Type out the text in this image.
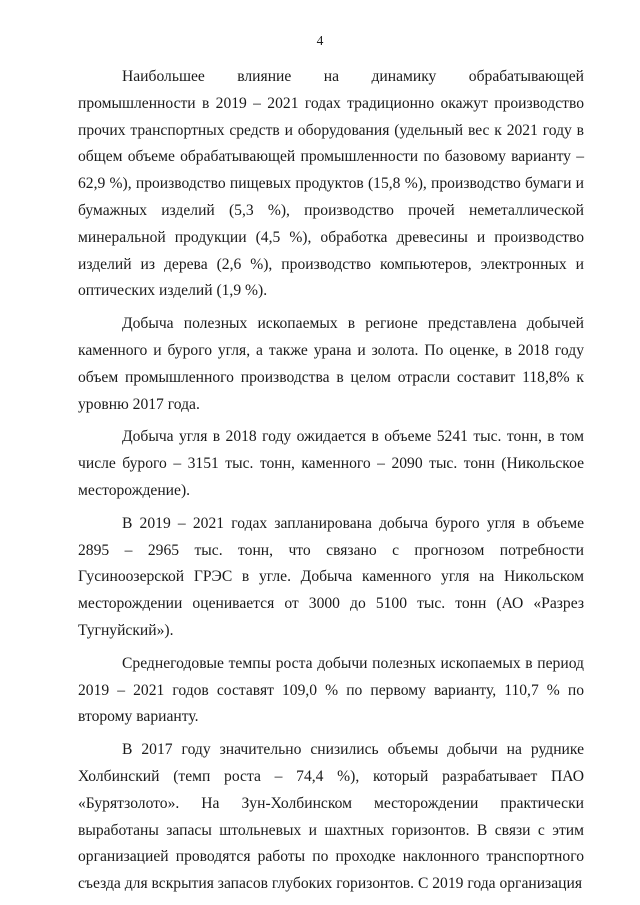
4

Наибольшее влияние на динамику обрабатывающей промышленности в 2019 – 2021 годах традиционно окажут производство прочих транспортных средств и оборудования (удельный вес к 2021 году в общем объеме обрабатывающей промышленности по базовому варианту – 62,9 %), производство пищевых продуктов (15,8 %), производство бумаги и бумажных изделий (5,3 %), производство прочей неметаллической минеральной продукции (4,5 %), обработка древесины и производство изделий из дерева (2,6 %), производство компьютеров, электронных и оптических изделий (1,9 %).

Добыча полезных ископаемых в регионе представлена добычей каменного и бурого угля, а также урана и золота. По оценке, в 2018 году объем промышленного производства в целом отрасли составит 118,8% к уровню 2017 года.

Добыча угля в 2018 году ожидается в объеме 5241 тыс. тонн, в том числе бурого – 3151 тыс. тонн, каменного – 2090 тыс. тонн (Никольское месторождение).

В 2019 – 2021 годах запланирована добыча бурого угля в объеме 2895 – 2965 тыс. тонн, что связано с прогнозом потребности Гусиноозерской ГРЭС в угле. Добыча каменного угля на Никольском месторождении оценивается от 3000 до 5100 тыс. тонн (АО «Разрез Тугнуйский»).

Среднегодовые темпы роста добычи полезных ископаемых в период 2019 – 2021 годов составят 109,0 % по первому варианту, 110,7 % по второму варианту.

В 2017 году значительно снизились объемы добычи на руднике Холбинский (темп роста – 74,4 %), который разрабатывает ПАО «Бурятзолото». На Зун-Холбинском месторождении практически выработаны запасы штольневых и шахтных горизонтов. В связи с этим организацией проводятся работы по проходке наклонного транспортного съезда для вскрытия запасов глубоких горизонтов. С 2019 года организация
